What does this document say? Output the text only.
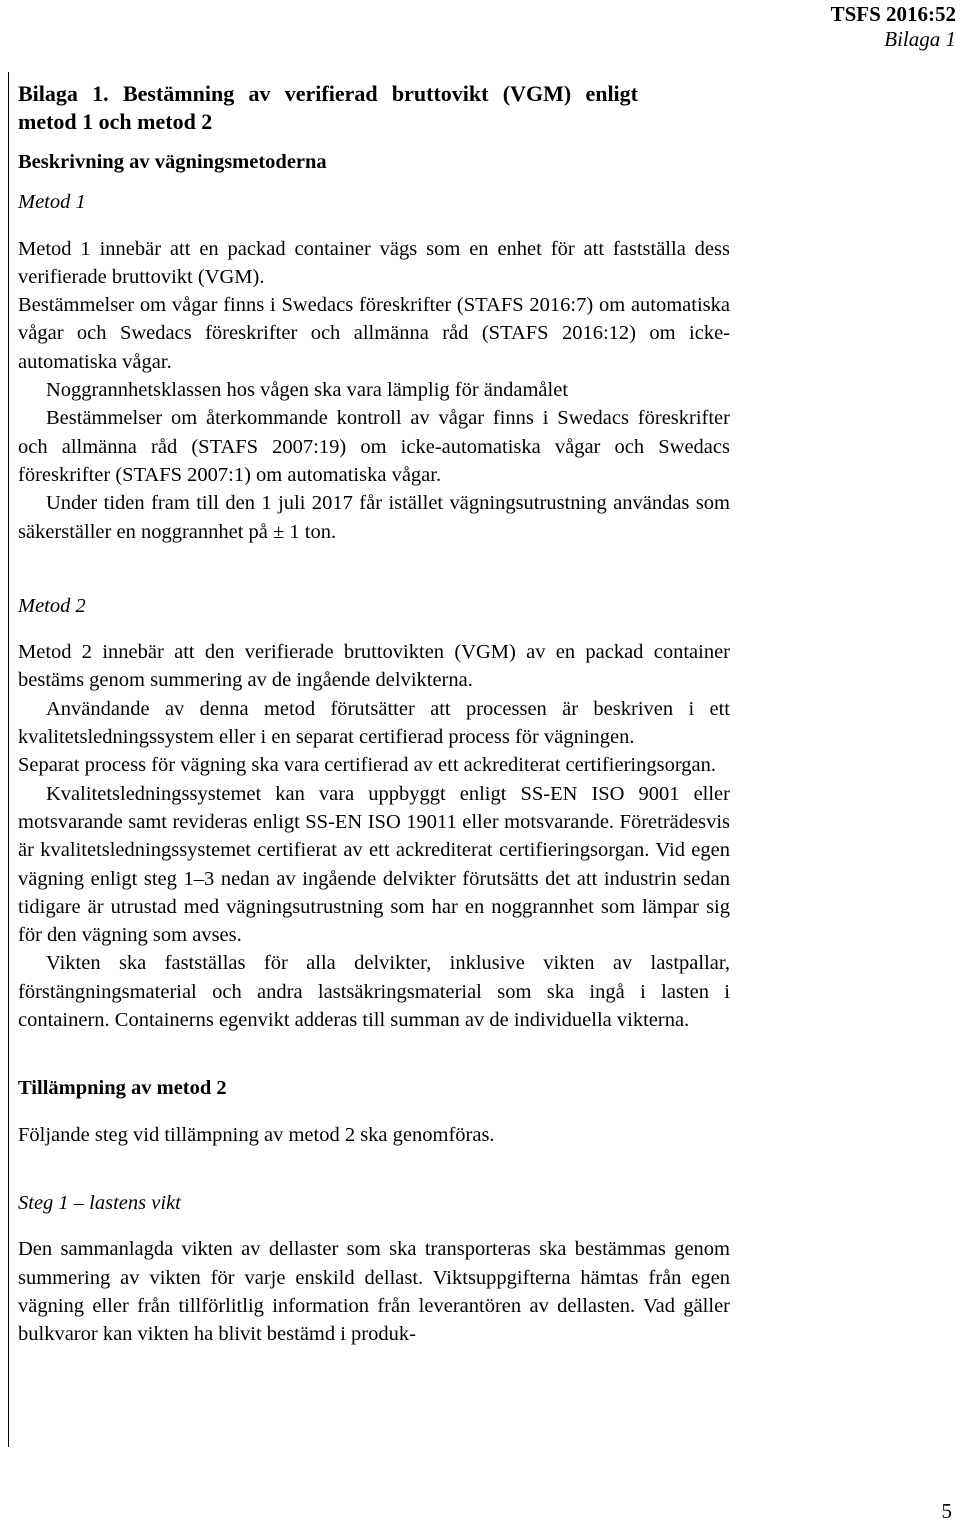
TSFS 2016:52
Bilaga 1

Bilaga 1. Bestämning av verifierad bruttovikt (VGM) enligt metod 1 och metod 2

Beskrivning av vägningsmetoderna

Metod 1

Metod 1 innebär att en packad container vägs som en enhet för att fastställa dess verifierade bruttovikt (VGM).

Bestämmelser om vågar finns i Swedacs föreskrifter (STAFS 2016:7) om automatiska vågar och Swedacs föreskrifter och allmänna råd (STAFS 2016:12) om icke-automatiska vågar.

Noggrannhetsklassen hos vågen ska vara lämplig för ändamålet

Bestämmelser om återkommande kontroll av vågar finns i Swedacs föreskrifter och allmänna råd (STAFS 2007:19) om icke-automatiska vågar och Swedacs föreskrifter (STAFS 2007:1) om automatiska vågar.

Under tiden fram till den 1 juli 2017 får istället vägningsutrustning användas som säkerställer en noggrannhet på ± 1 ton.

Metod 2

Metod 2 innebär att den verifierade bruttovikten (VGM) av en packad container bestäms genom summering av de ingående delvikterna.

Användande av denna metod förutsätter att processen är beskriven i ett kvalitetsledningssystem eller i en separat certifierad process för vägningen.

Separat process för vägning ska vara certifierad av ett ackrediterat certifieringsorgan.

Kvalitetsledningssystemet kan vara uppbyggt enligt SS-EN ISO 9001 eller motsvarande samt revideras enligt SS-EN ISO 19011 eller motsvarande. Företrädesvis är kvalitetsledningssystemet certifierat av ett ackrediterat certifieringsorgan. Vid egen vägning enligt steg 1–3 nedan av ingående delvikter förutsätts det att industrin sedan tidigare är utrustad med vägningsutrustning som har en noggrannhet som lämpar sig för den vägning som avses.

Vikten ska fastställas för alla delvikter, inklusive vikten av lastpallar, förstängningsmaterial och andra lastsäkringsmaterial som ska ingå i lasten i containern. Containerns egenvikt adderas till summan av de individuella vikterna.

Tillämpning av metod 2

Följande steg vid tillämpning av metod 2 ska genomföras.

Steg 1 – lastens vikt

Den sammanlagda vikten av dellaster som ska transporteras ska bestämmas genom summering av vikten för varje enskild dellast. Viktsuppgifterna hämtas från egen vägning eller från tillförlitlig information från leverantören av dellasten. Vad gäller bulkvaror kan vikten ha blivit bestämd i produk-

5
